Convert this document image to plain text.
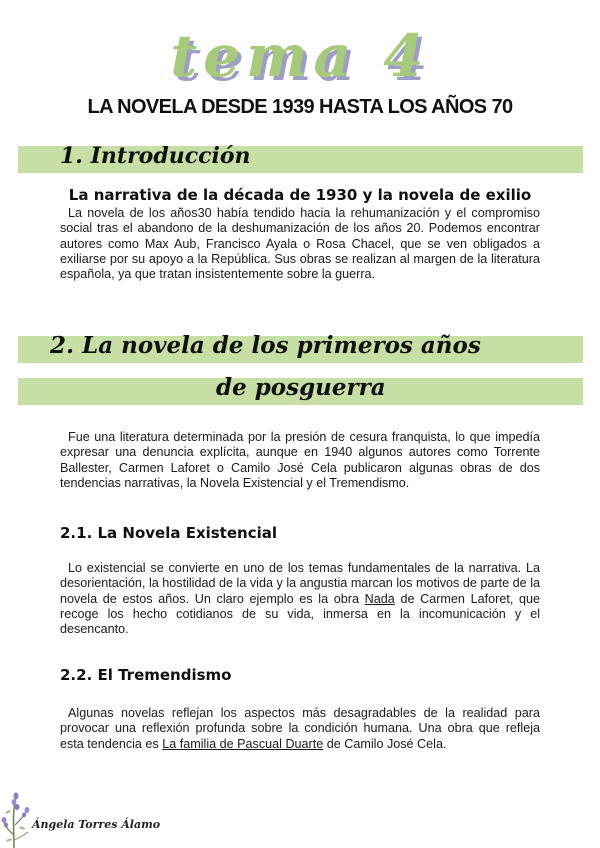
tema 4
LA NOVELA DESDE 1939 HASTA LOS AÑOS 70
1. Introducción
La narrativa de la década de 1930 y la novela de exilio

La novela de los años30 había tendido hacia la rehumanización y el compromiso social tras el abandono de la deshumanización de los años 20. Podemos encontrar autores como Max Aub, Francisco Ayala o Rosa Chacel, que se ven obligados a exiliarse por su apoyo a la República. Sus obras se realizan al margen de la literatura española, ya que tratan insistentemente sobre la guerra.

2. La novela de los primeros años
de posguerra

Fue una literatura determinada por la presión de cesura franquista, lo que impedía expresar una denuncia explícita, aunque en 1940 algunos autores como Torrente Ballester, Carmen Laforet o Camilo José Cela publicaron algunas obras de dos tendencias narrativas, la Novela Existencial y el Tremendismo.

2.1. La Novela Existencial

Lo existencial se convierte en uno de los temas fundamentales de la narrativa. La desorientación, la hostilidad de la vida y la angustia marcan los motivos de parte de la novela de estos años. Un claro ejemplo es la obra Nada de Carmen Laforet, que recoge los hecho cotidianos de su vida, inmersa en la incomunicación y el desencanto.

2.2. El Tremendismo

Algunas novelas reflejan los aspectos más desagradables de la realidad para provocar una reflexión profunda sobre la condición humana. Una obra que refleja esta tendencia es La familia de Pascual Duarte de Camilo José Cela.

Ángela Torres Álamo
